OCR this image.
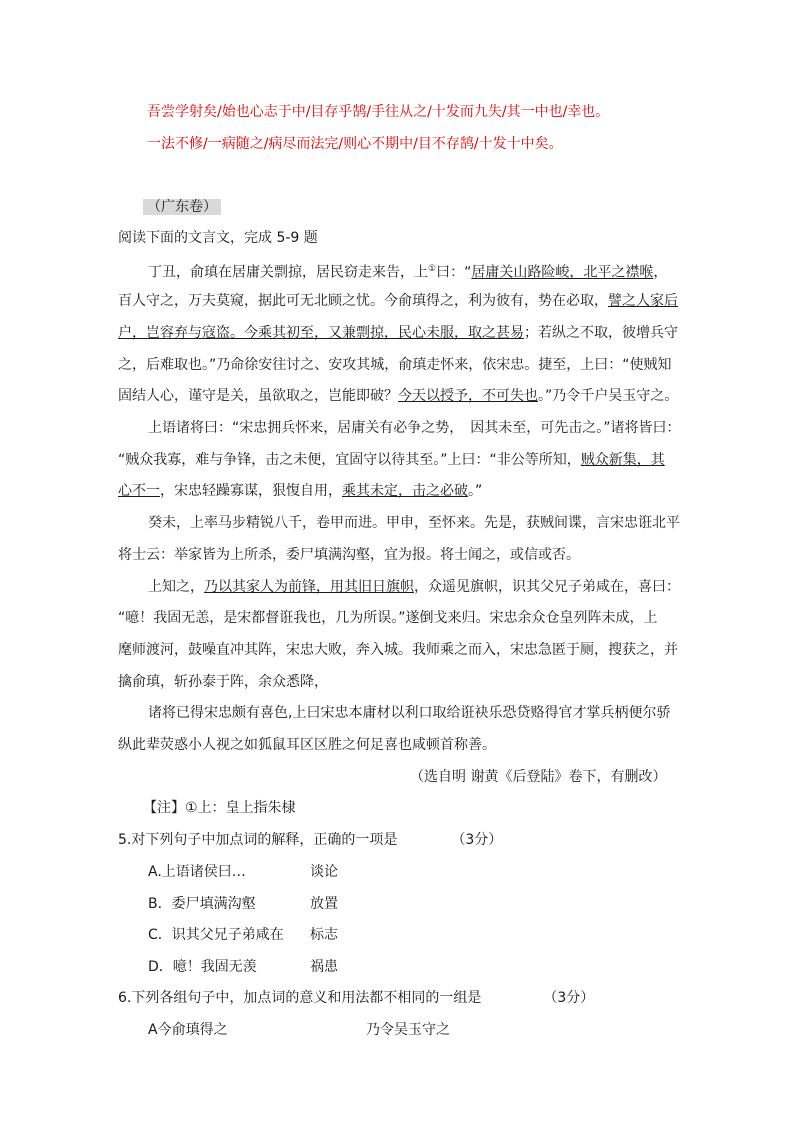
吾尝学射矣/始也心志于中/目存乎鹄/手往从之/十发而九失/其一中也/幸也。
一法不修/一病随之/病尽而法完/则心不期中/目不存鹄/十发十中矣。
（广东卷）
阅读下面的文言文，完成 5-9 题
丁丑，俞瑱在居庸关剽掠，居民窃走来告，上①曰：“居庸关山路险峻，北平之襟喉，
百人守之，万夫莫窥，据此可无北顾之忧。今俞瑱得之，利为彼有，势在必取，譬之人家后
户，岂容弃与寇盗。今乘其初至，又兼剽掠，民心未服，取之甚易；若纵之不取，彼增兵守
之，后难取也。”乃命徐安往讨之、安攻其城，俞瑱走怀来，依宋忠。捷至，上曰：“使贼知
固结人心，谨守是关，虽欲取之，岂能即破？今天以授予，不可失也。”乃令千户吴玉守之。
上语诸将曰：“宋忠拥兵怀来，居庸关有必争之势，　因其未至，可先击之。”诸将皆曰：
“贼众我寡，难与争锋，击之未便，宜固守以待其至。”上曰：“非公等所知，贼众新集，其
心不一，宋忠轻躁寡谋，狠愎自用，乘其未定，击之必破。”
癸未，上率马步精锐八千，卷甲而进。甲申，至怀来。先是，获贼间谍，言宋忠诳北平
将士云：举家皆为上所杀，委尸填满沟壑，宜为报。将士闻之，或信或否。
上知之，乃以其家人为前锋，用其旧日旗帜，众遥见旗帜，识其父兄子弟咸在，喜曰：
“噫！我固无恙，是宋都督诳我也，几为所误。”遂倒戈来归。宋忠余众仓皇列阵未成，上
麾师渡河，鼓噪直冲其阵，宋忠大败，奔入城。我师乘之而入，宋忠急匿于厕，搜获之，并
擒俞瑱，斩孙泰于阵，余众悉降，
诸将已得宋忠颇有喜色,上曰宋忠本庸材以利口取给诳袂乐恐贷赂得官才掌兵柄便尔骄
纵此辈荧惑小人视之如狐鼠耳区区胜之何足喜也咸顿首称善。
（选自明 谢黄《后登陆》卷下，有删改）
【注】①上：皇上指朱棣
5.对下列句子中加点词的解释，正确的一项是	（3分）
A.上语诸侯曰…	谈论
B．委尸填满沟壑	放置
C．识其父兄子弟咸在 标志
D．噫！我固无羡	祸患
6.下列各组句子中，加点词的意义和用法都不相同的一组是	（3分）
A今俞瑱得之	乃令吴玉守之
